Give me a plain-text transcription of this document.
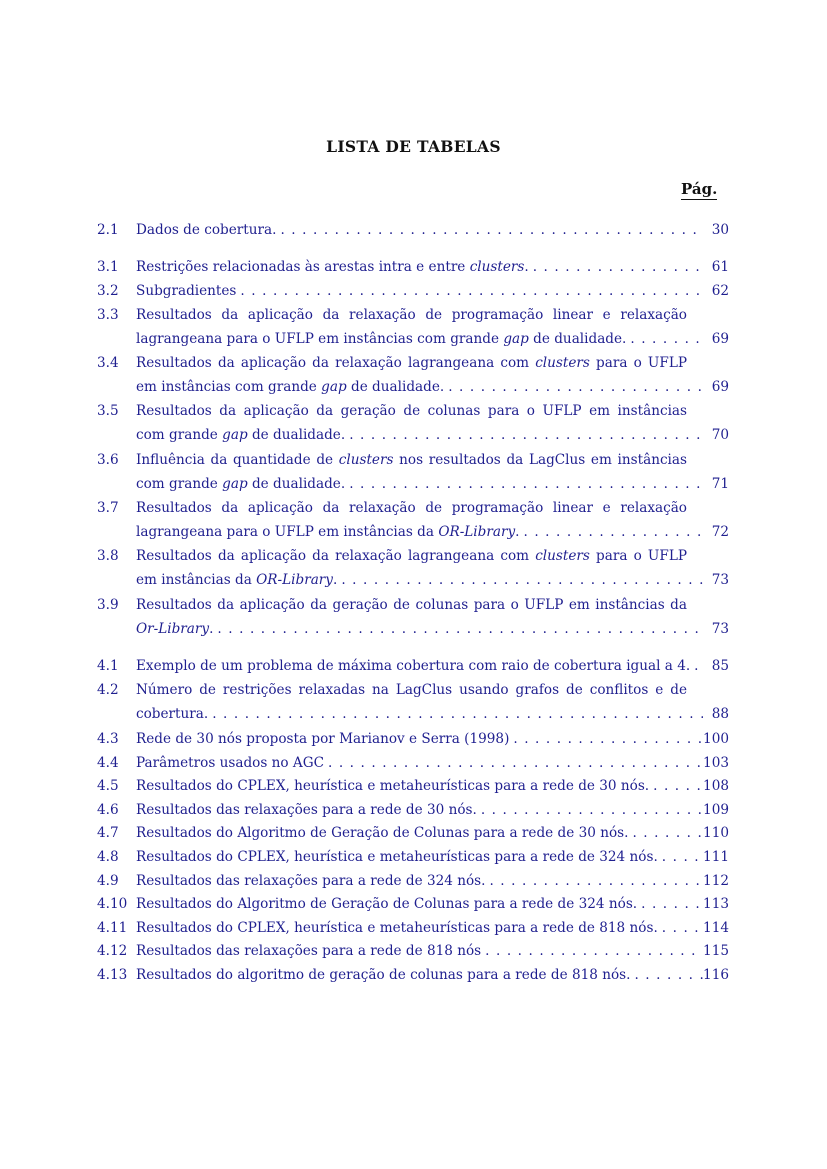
LISTA DE TABELAS
Pág.
2.1	Dados de cobertura. . . .	30
3.1	Restrições relacionadas às arestas intra e entre clusters. . . .	61
3.2	Subgradientes . . .	62
3.3	Resultados da aplicação da relaxação de programação linear e relaxação
lagrangeana para o UFLP em instâncias com grande gap de dualidade. . . .	69
3.4	Resultados da aplicação da relaxação lagrangeana com clusters para o UFLP
em instâncias com grande gap de dualidade. . . .	69
3.5	Resultados da aplicação da geração de colunas para o UFLP em instâncias
com grande gap de dualidade. . . .	70
3.6	Influência da quantidade de clusters nos resultados da LagClus em instâncias
com grande gap de dualidade. . . .	71
3.7	Resultados da aplicação da relaxação de programação linear e relaxação
lagrangeana para o UFLP em instâncias da OR-Library. . . .	72
3.8	Resultados da aplicação da relaxação lagrangeana com clusters para o UFLP
em instâncias da OR-Library. . . .	73
3.9	Resultados da aplicação da geração de colunas para o UFLP em instâncias da
Or-Library. . . .	73
4.1	Exemplo de um problema de máxima cobertura com raio de cobertura igual a 4. . . .	85
4.2	Número de restrições relaxadas na LagClus usando grafos de conflitos e de
cobertura. . . .	88
4.3	Rede de 30 nós proposta por Marianov e Serra (1998) . . .	100
4.4	Parâmetros usados no AGC . . .	103
4.5	Resultados do CPLEX, heurística e metaheurísticas para a rede de 30 nós. . . .	108
4.6	Resultados das relaxações para a rede de 30 nós. . . .	109
4.7	Resultados do Algoritmo de Geração de Colunas para a rede de 30 nós. . . .	110
4.8	Resultados do CPLEX, heurística e metaheurísticas para a rede de 324 nós. . . .	111
4.9	Resultados das relaxações para a rede de 324 nós. . . .	112
4.10 Resultados do Algoritmo de Geração de Colunas para a rede de 324 nós. . . .	113
4.11 Resultados do CPLEX, heurística e metaheurísticas para a rede de 818 nós. . . .	114
4.12 Resultados das relaxações para a rede de 818 nós . . .	115
4.13 Resultados do algoritmo de geração de colunas para a rede de 818 nós. . . .	116
